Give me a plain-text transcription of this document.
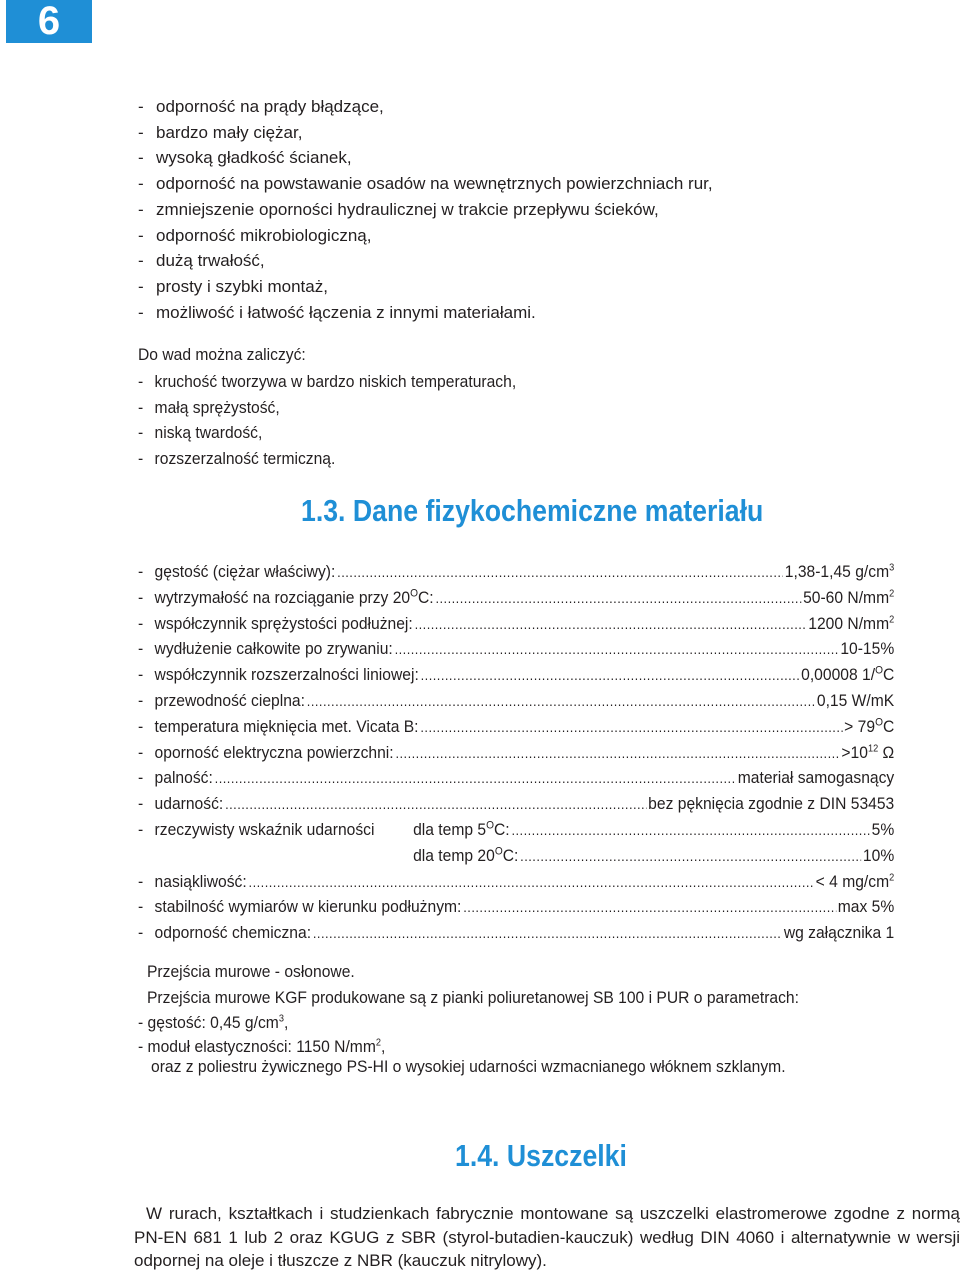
6
- odporność na prądy błądzące,
- bardzo mały ciężar,
- wysoką gładkość ścianek,
- odporność na powstawanie osadów na wewnętrznych powierzchniach rur,
- zmniejszenie oporności hydraulicznej w trakcie przepływu ścieków,
- odporność mikrobiologiczną,
- dużą trwałość,
- prosty i szybki montaż,
- możliwość i łatwość łączenia z innymi materiałami.
Do wad można zaliczyć:
- kruchość tworzywa w bardzo niskich temperaturach,
- małą sprężystość,
- niską twardość,
- rozszerzalność termiczną.
1.3. Dane fizykochemiczne materiału
- gęstość (ciężar właściwy): .....	1,38-1,45 $g/cm^3$
- wytrzymałość na rozciąganie przy $20^OC$: .....	50-60 $N/mm^2$
- współczynnik sprężystości podłużnej: .....	1200 $N/mm^2$
- wydłużenie całkowite po zrywaniu: .....	10-15%
- współczynnik rozszerzalności liniowej: .....	0,00008 1/$^O$C
- przewodność cieplna: .....	0,15 W/mK
- temperatura mięknięcia met. Vicata B: .....	> $79^OC$
- oporność elektryczna powierzchni: .....	$>10^{12}$ Ω
- palność: .....	materiał samogasnący
- udarność: .....	bez pęknięcia zgodnie z DIN 53453
- rzeczywisty wskaźnik udarności dla temp $5^OC$: .....	5%
dla temp $20^OC$: .....	10%
- nasiąkliwość: .....	< 4 $mg/cm^2$
- stabilność wymiarów w kierunku podłużnym: .....	max 5%
- odporność chemiczna: .....	wg załącznika 1
Przejścia murowe - osłonowe.
Przejścia murowe KGF produkowane są z pianki poliuretanowej SB 100 i PUR o parametrach:
- gęstość: 0,45 $g/cm^3$,
- moduł elastyczności: 1150 $N/mm^2$,
oraz z poliestru żywicznego PS-HI o wysokiej udarności wzmacnianego włóknem szklanym.
1.4. Uszczelki

W rurach, kształtkach i studzienkach fabrycznie montowane są uszczelki elastromerowe zgodne z normą PN-EN 681 1 lub 2 oraz KGUG z SBR (styrol-butadien-kauczuk) według DIN 4060 i alternatywnie w wersji odpornej na oleje i tłuszcze z NBR (kauczuk nitrylowy).
